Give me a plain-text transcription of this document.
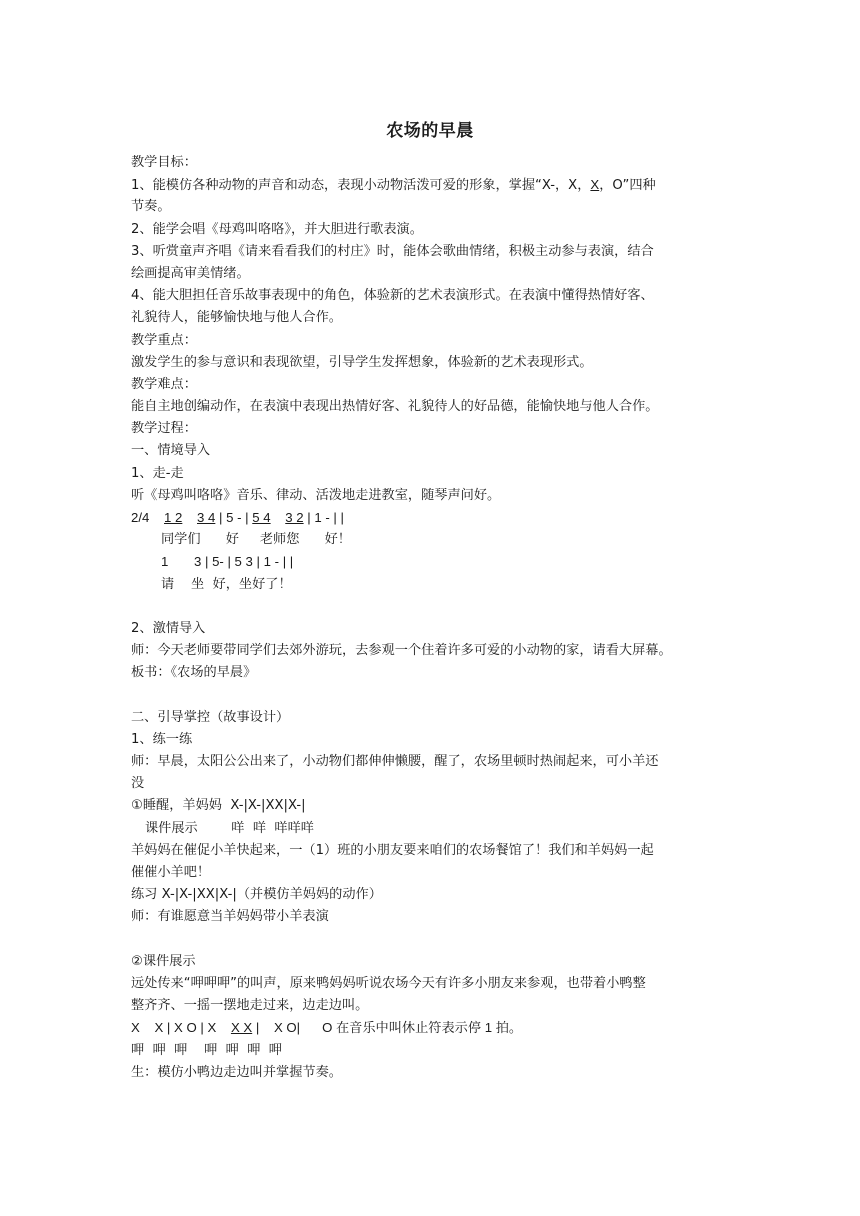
农场的早晨
教学目标：
1、能模仿各种动物的声音和动态，表现小动物活泼可爱的形象，掌握“X-，X，X，O”四种
节奏。
2、能学会唱《母鸡叫咯咯》，并大胆进行歌表演。
3、听赏童声齐唱《请来看看我们的村庄》时，能体会歌曲情绪，积极主动参与表演，结合
绘画提高审美情绪。
4、能大胆担任音乐故事表现中的角色，体验新的艺术表演形式。在表演中懂得热情好客、
礼貌待人，能够愉快地与他人合作。
教学重点：
激发学生的参与意识和表现欲望，引导学生发挥想象，体验新的艺术表现形式。
教学难点：
能自主地创编动作，在表演中表现出热情好客、礼貌待人的好品德，能愉快地与他人合作。
教学过程：
一、情境导入
1、走-走
听《母鸡叫咯咯》音乐、律动、活泼地走进教室，随琴声问好。
2/4 1 2 3 4 | 5 - | 5 4 3 2 | 1 - | |
同学们      好     老师您      好！
1       3 | 5- | 5 3 | 1 - | |
请    坐  好，坐好了！
2、激情导入
师：今天老师要带同学们去郊外游玩，去参观一个住着许多可爱的小动物的家，请看大屏幕。
板书：《农场的早晨》
二、引导掌控（故事设计）
1、练一练
师：早晨，太阳公公出来了，小动物们都伸伸懒腰，醒了，农场里顿时热闹起来，可小羊还
没
①睡醒，羊妈妈  X-|X-|XX|X-|
课件展示        咩  咩  咩咩咩
羊妈妈在催促小羊快起来，一（1）班的小朋友要来咱们的农场餐馆了！我们和羊妈妈一起
催催小羊吧！
练习 X-|X-|XX|X-|（并模仿羊妈妈的动作）
师：有谁愿意当羊妈妈带小羊表演
②课件展示
远处传来“呷呷呷”的叫声，原来鸭妈妈听说农场今天有许多小朋友来参观，也带着小鸭整
整齐齐、一摇一摆地走过来，边走边叫。
X    X | X O | X    X X |    X O|      O 在音乐中叫休止符表示停 1 拍。
呷  呷  呷    呷  呷  呷  呷
生：模仿小鸭边走边叫并掌握节奏。
